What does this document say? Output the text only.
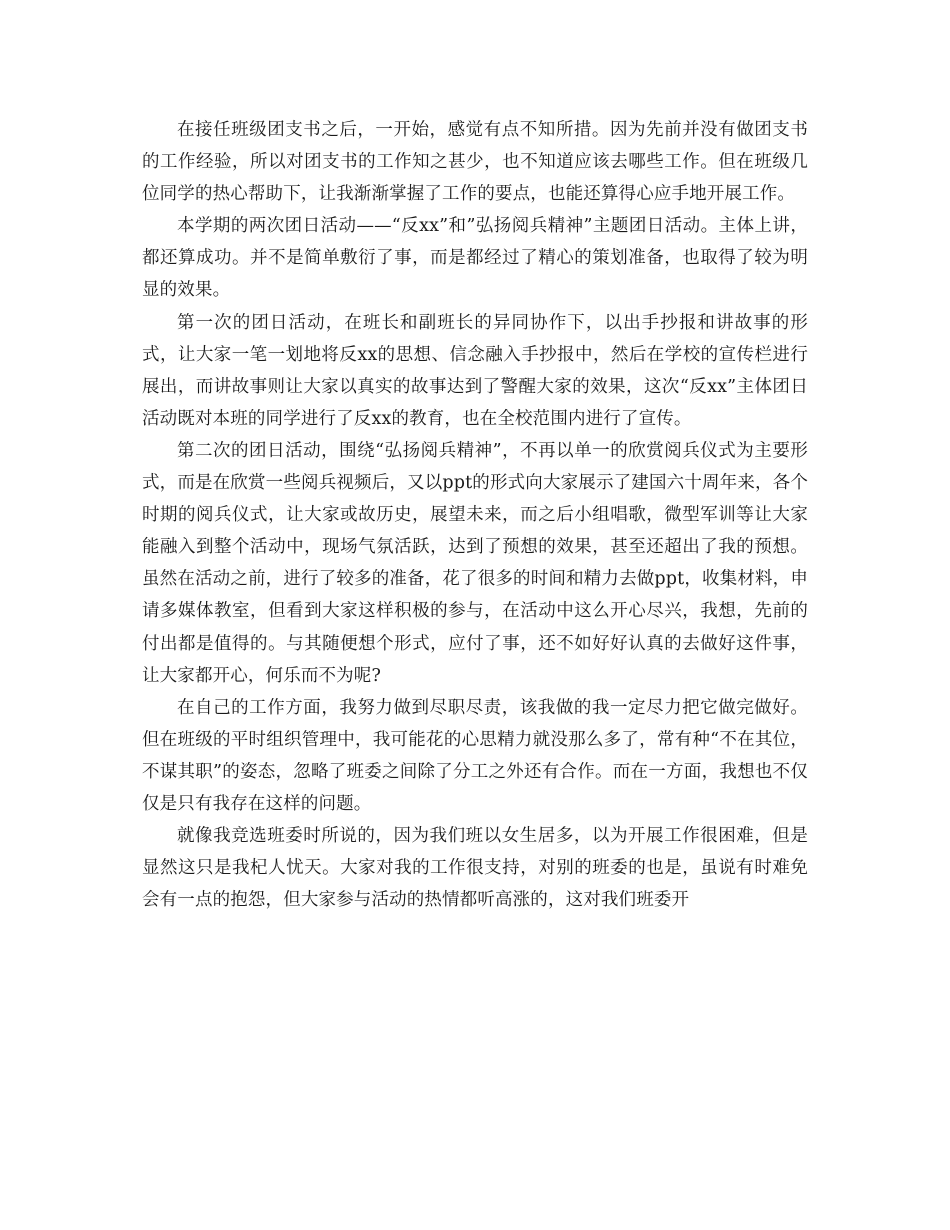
在接任班级团支书之后，一开始，感觉有点不知所措。因为先前并没有做团支书的工作经验，所以对团支书的工作知之甚少，也不知道应该去哪些工作。但在班级几位同学的热心帮助下，让我渐渐掌握了工作的要点，也能还算得心应手地开展工作。

本学期的两次团日活动——“反xx”和”弘扬阅兵精神”主题团日活动。主体上讲，都还算成功。并不是简单敷衍了事，而是都经过了精心的策划准备，也取得了较为明显的效果。

第一次的团日活动，在班长和副班长的异同协作下，以出手抄报和讲故事的形式，让大家一笔一划地将反xx的思想、信念融入手抄报中，然后在学校的宣传栏进行展出，而讲故事则让大家以真实的故事达到了警醒大家的效果，这次“反xx”主体团日活动既对本班的同学进行了反xx的教育，也在全校范围内进行了宣传。

第二次的团日活动，围绕“弘扬阅兵精神”，不再以单一的欣赏阅兵仪式为主要形式，而是在欣赏一些阅兵视频后，又以ppt的形式向大家展示了建国六十周年来，各个时期的阅兵仪式，让大家或故历史，展望未来，而之后小组唱歌，微型军训等让大家能融入到整个活动中，现场气氛活跃，达到了预想的效果，甚至还超出了我的预想。虽然在活动之前，进行了较多的准备，花了很多的时间和精力去做ppt，收集材料，申请多媒体教室，但看到大家这样积极的参与，在活动中这么开心尽兴，我想，先前的付出都是值得的。与其随便想个形式，应付了事，还不如好好认真的去做好这件事，让大家都开心，何乐而不为呢?

在自己的工作方面，我努力做到尽职尽责，该我做的我一定尽力把它做完做好。但在班级的平时组织管理中，我可能花的心思精力就没那么多了，常有种“不在其位，不谋其职”的姿态，忽略了班委之间除了分工之外还有合作。而在一方面，我想也不仅仅是只有我存在这样的问题。

就像我竞选班委时所说的，因为我们班以女生居多，以为开展工作很困难，但是显然这只是我杞人忧天。大家对我的工作很支持，对别的班委的也是，虽说有时难免会有一点的抱怨，但大家参与活动的热情都听高涨的，这对我们班委开
